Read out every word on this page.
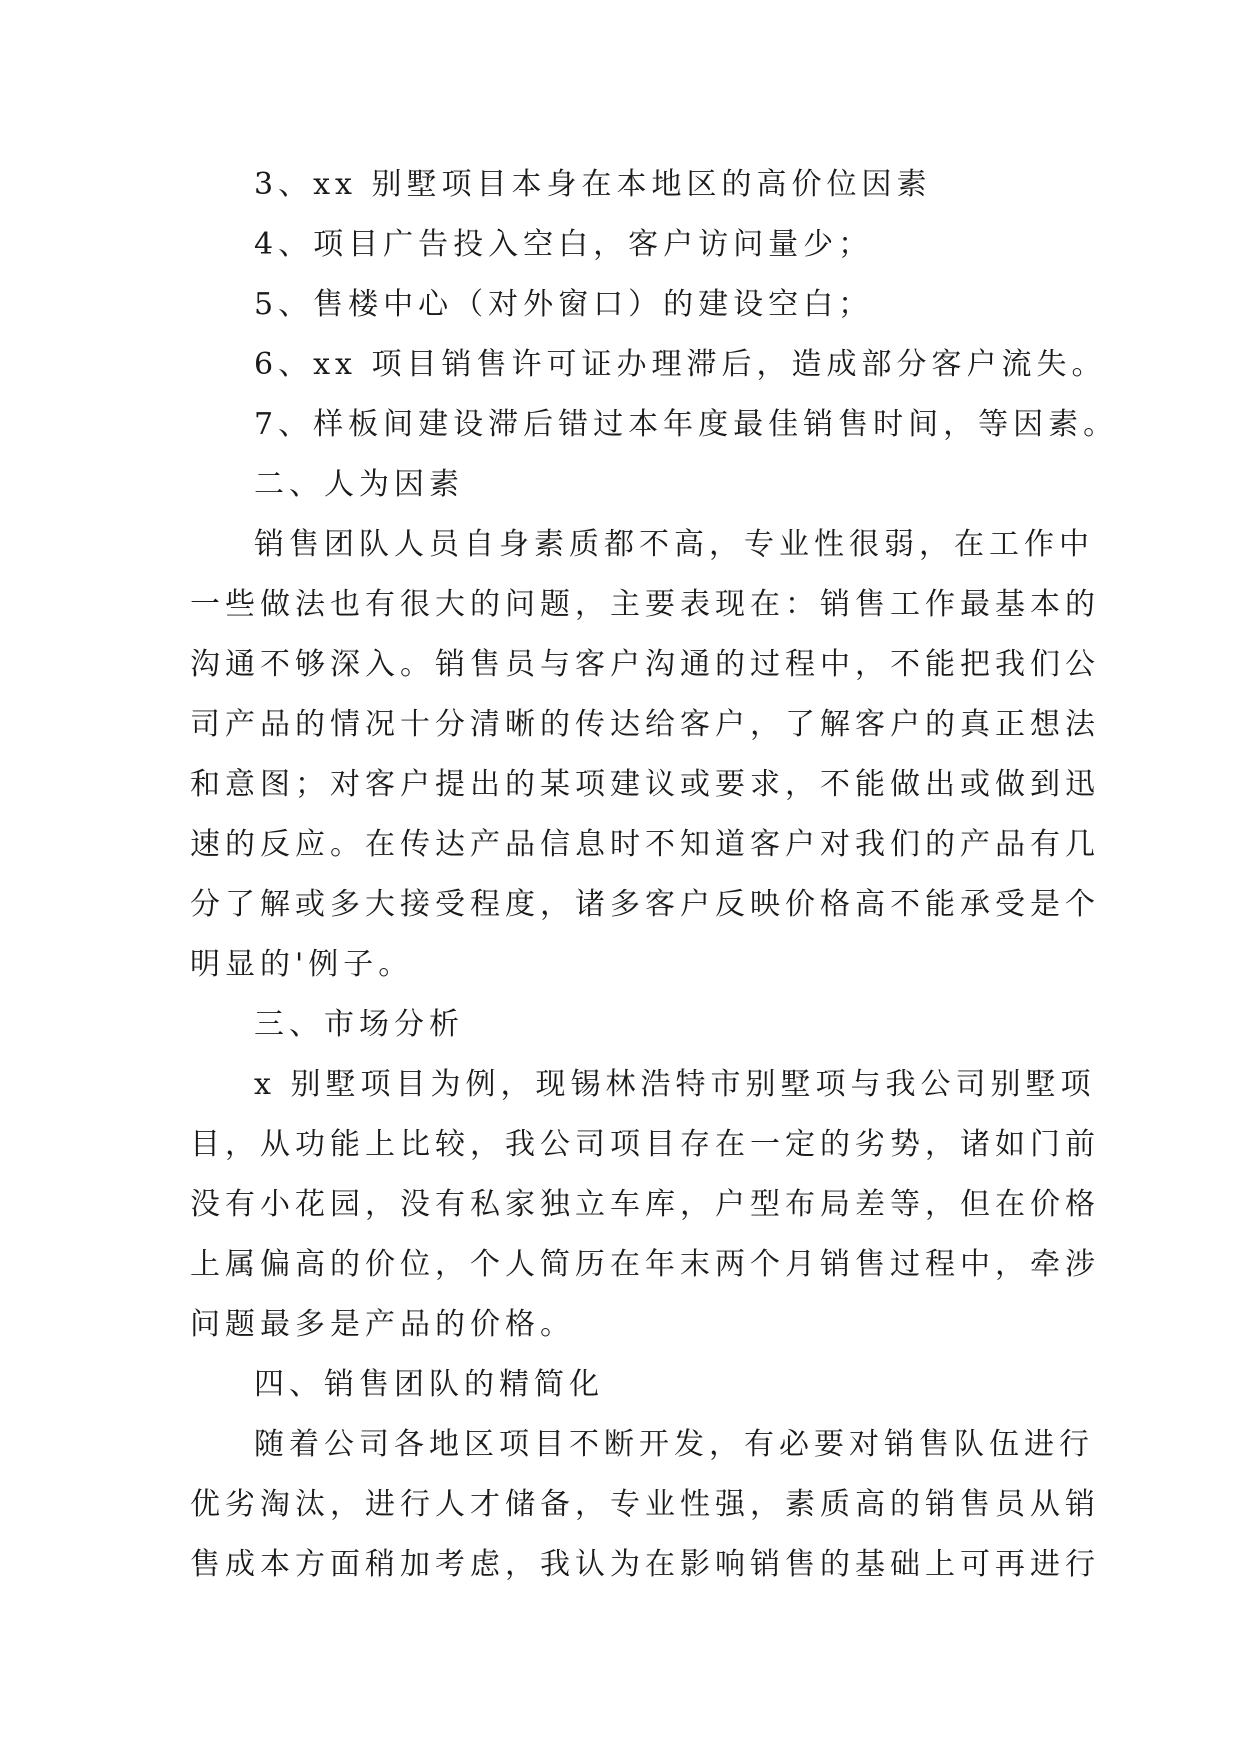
3、xx 别墅项目本身在本地区的高价位因素
4、项目广告投入空白，客户访问量少；
5、售楼中心（对外窗口）的建设空白；
6、xx 项目销售许可证办理滞后，造成部分客户流失。
7、样板间建设滞后错过本年度最佳销售时间，等因素。
二、人为因素
销售团队人员自身素质都不高，专业性很弱，在工作中
一些做法也有很大的问题，主要表现在：销售工作最基本的
沟通不够深入。销售员与客户沟通的过程中，不能把我们公
司产品的情况十分清晰的传达给客户，了解客户的真正想法
和意图；对客户提出的某项建议或要求，不能做出或做到迅
速的反应。在传达产品信息时不知道客户对我们的产品有几
分了解或多大接受程度，诸多客户反映价格高不能承受是个
明显的'例子。
三、市场分析
x 别墅项目为例，现锡林浩特市别墅项与我公司别墅项
目，从功能上比较，我公司项目存在一定的劣势，诸如门前
没有小花园，没有私家独立车库，户型布局差等，但在价格
上属偏高的价位，个人简历在年末两个月销售过程中，牵涉
问题最多是产品的价格。
四、销售团队的精简化
随着公司各地区项目不断开发，有必要对销售队伍进行
优劣淘汰，进行人才储备，专业性强，素质高的销售员从销
售成本方面稍加考虑，我认为在影响销售的基础上可再进行
